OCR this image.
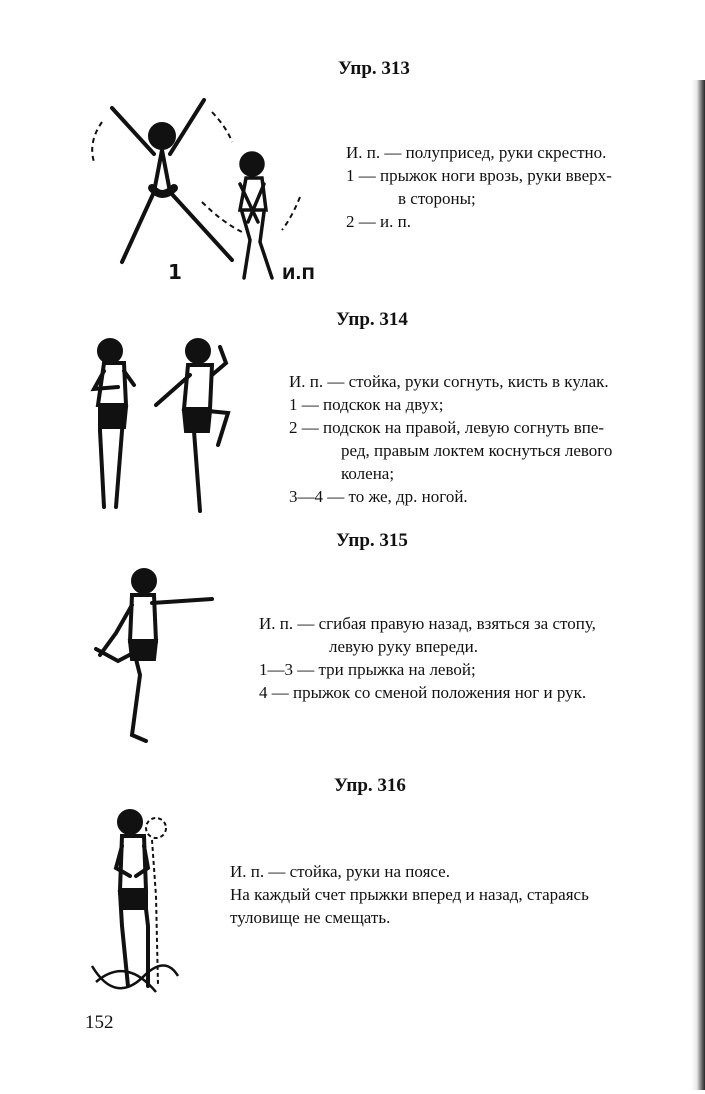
Упр. 313
1	И.П

И. п. — полуприсед, руки скрестно.

1 — прыжок ноги врозь, руки вверх-

в стороны;

2 — и. п.

Упр. 314

И. п. — стойка, руки согнуть, кисть в кулак.

1 — подскок на двух;

2 — подскок на правой, левую согнуть впе-

ред, правым локтем коснуться левого

колена;

3—4 — то же, др. ногой.

Упр. 315

И. п. — сгибая правую назад, взяться за стопу,

левую руку впереди.

1—3 — три прыжка на левой;

4 — прыжок со сменой положения ног и рук.

Упр. 316

И. п. — стойка, руки на поясе.

На каждый счет прыжки вперед и назад, стараясь

туловище не смещать.

152
